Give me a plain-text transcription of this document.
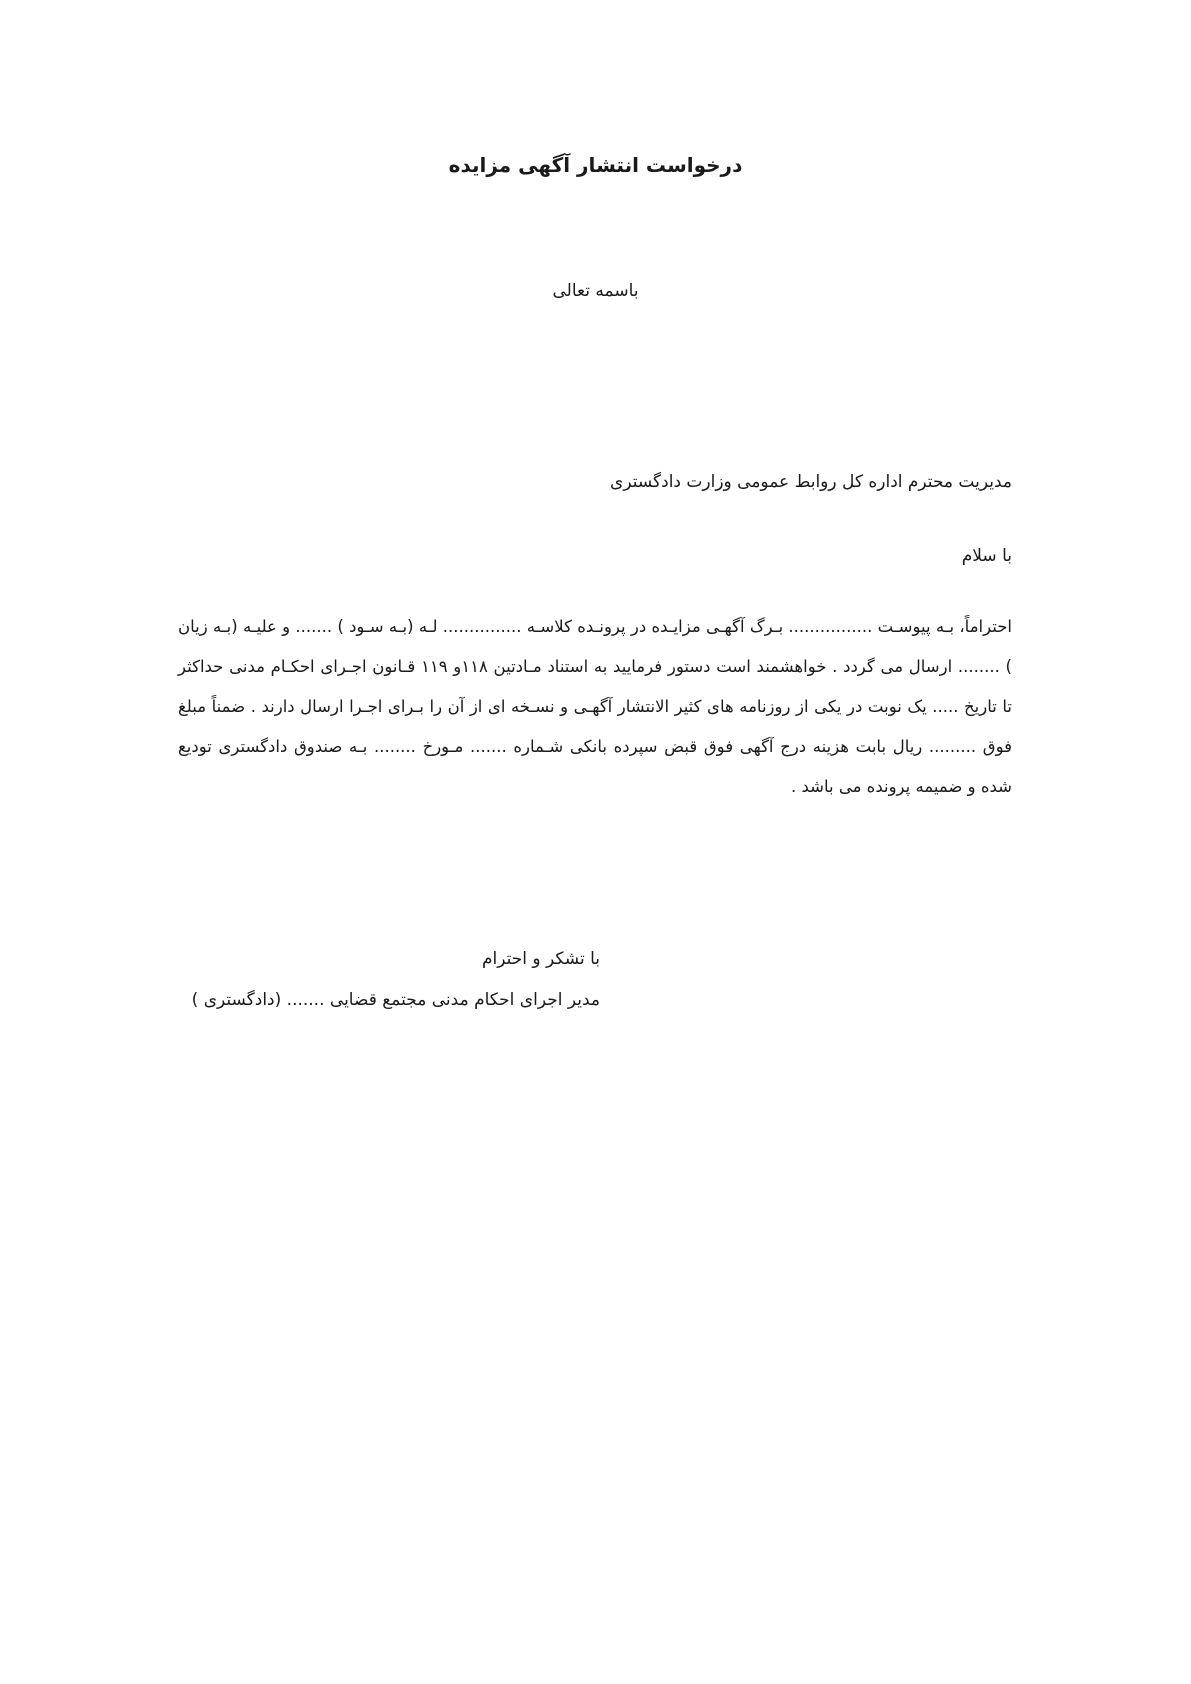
درخواست انتشار آگهی مزایده

باسمه تعالی

مدیریت محترم اداره کل روابط عمومی وزارت دادگستری

با سلام

احتراماً، بـه پیوسـت ................ بـرگ آگهـی مزایـده در پرونـده کلاسـه ............... لـه (بـه سـود ) ....... و علیـه (بـه زیان ) ........ ارسال می گردد . خواهشمند است دستور فرمایید به استناد مـادتین ۱۱۸و ۱۱۹ قـانون اجـرای احکـام مدنی حداکثر تا تاریخ ..... یک نوبت در یکی از روزنامه های کثیر الانتشار آگهـی و نسـخه ای از آن را بـرای اجـرا ارسال دارند . ضمناً مبلغ فوق ......... ریال بابت هزینه درج آگهی فوق قبض سپرده بانکی شـماره ....... مـورخ ........ بـه صندوق دادگستری تودیع شده و ضمیمه پرونده می باشد .

با تشکر و احترام

مدیر اجرای احکام مدنی مجتمع قضایی ....... (دادگستری )
